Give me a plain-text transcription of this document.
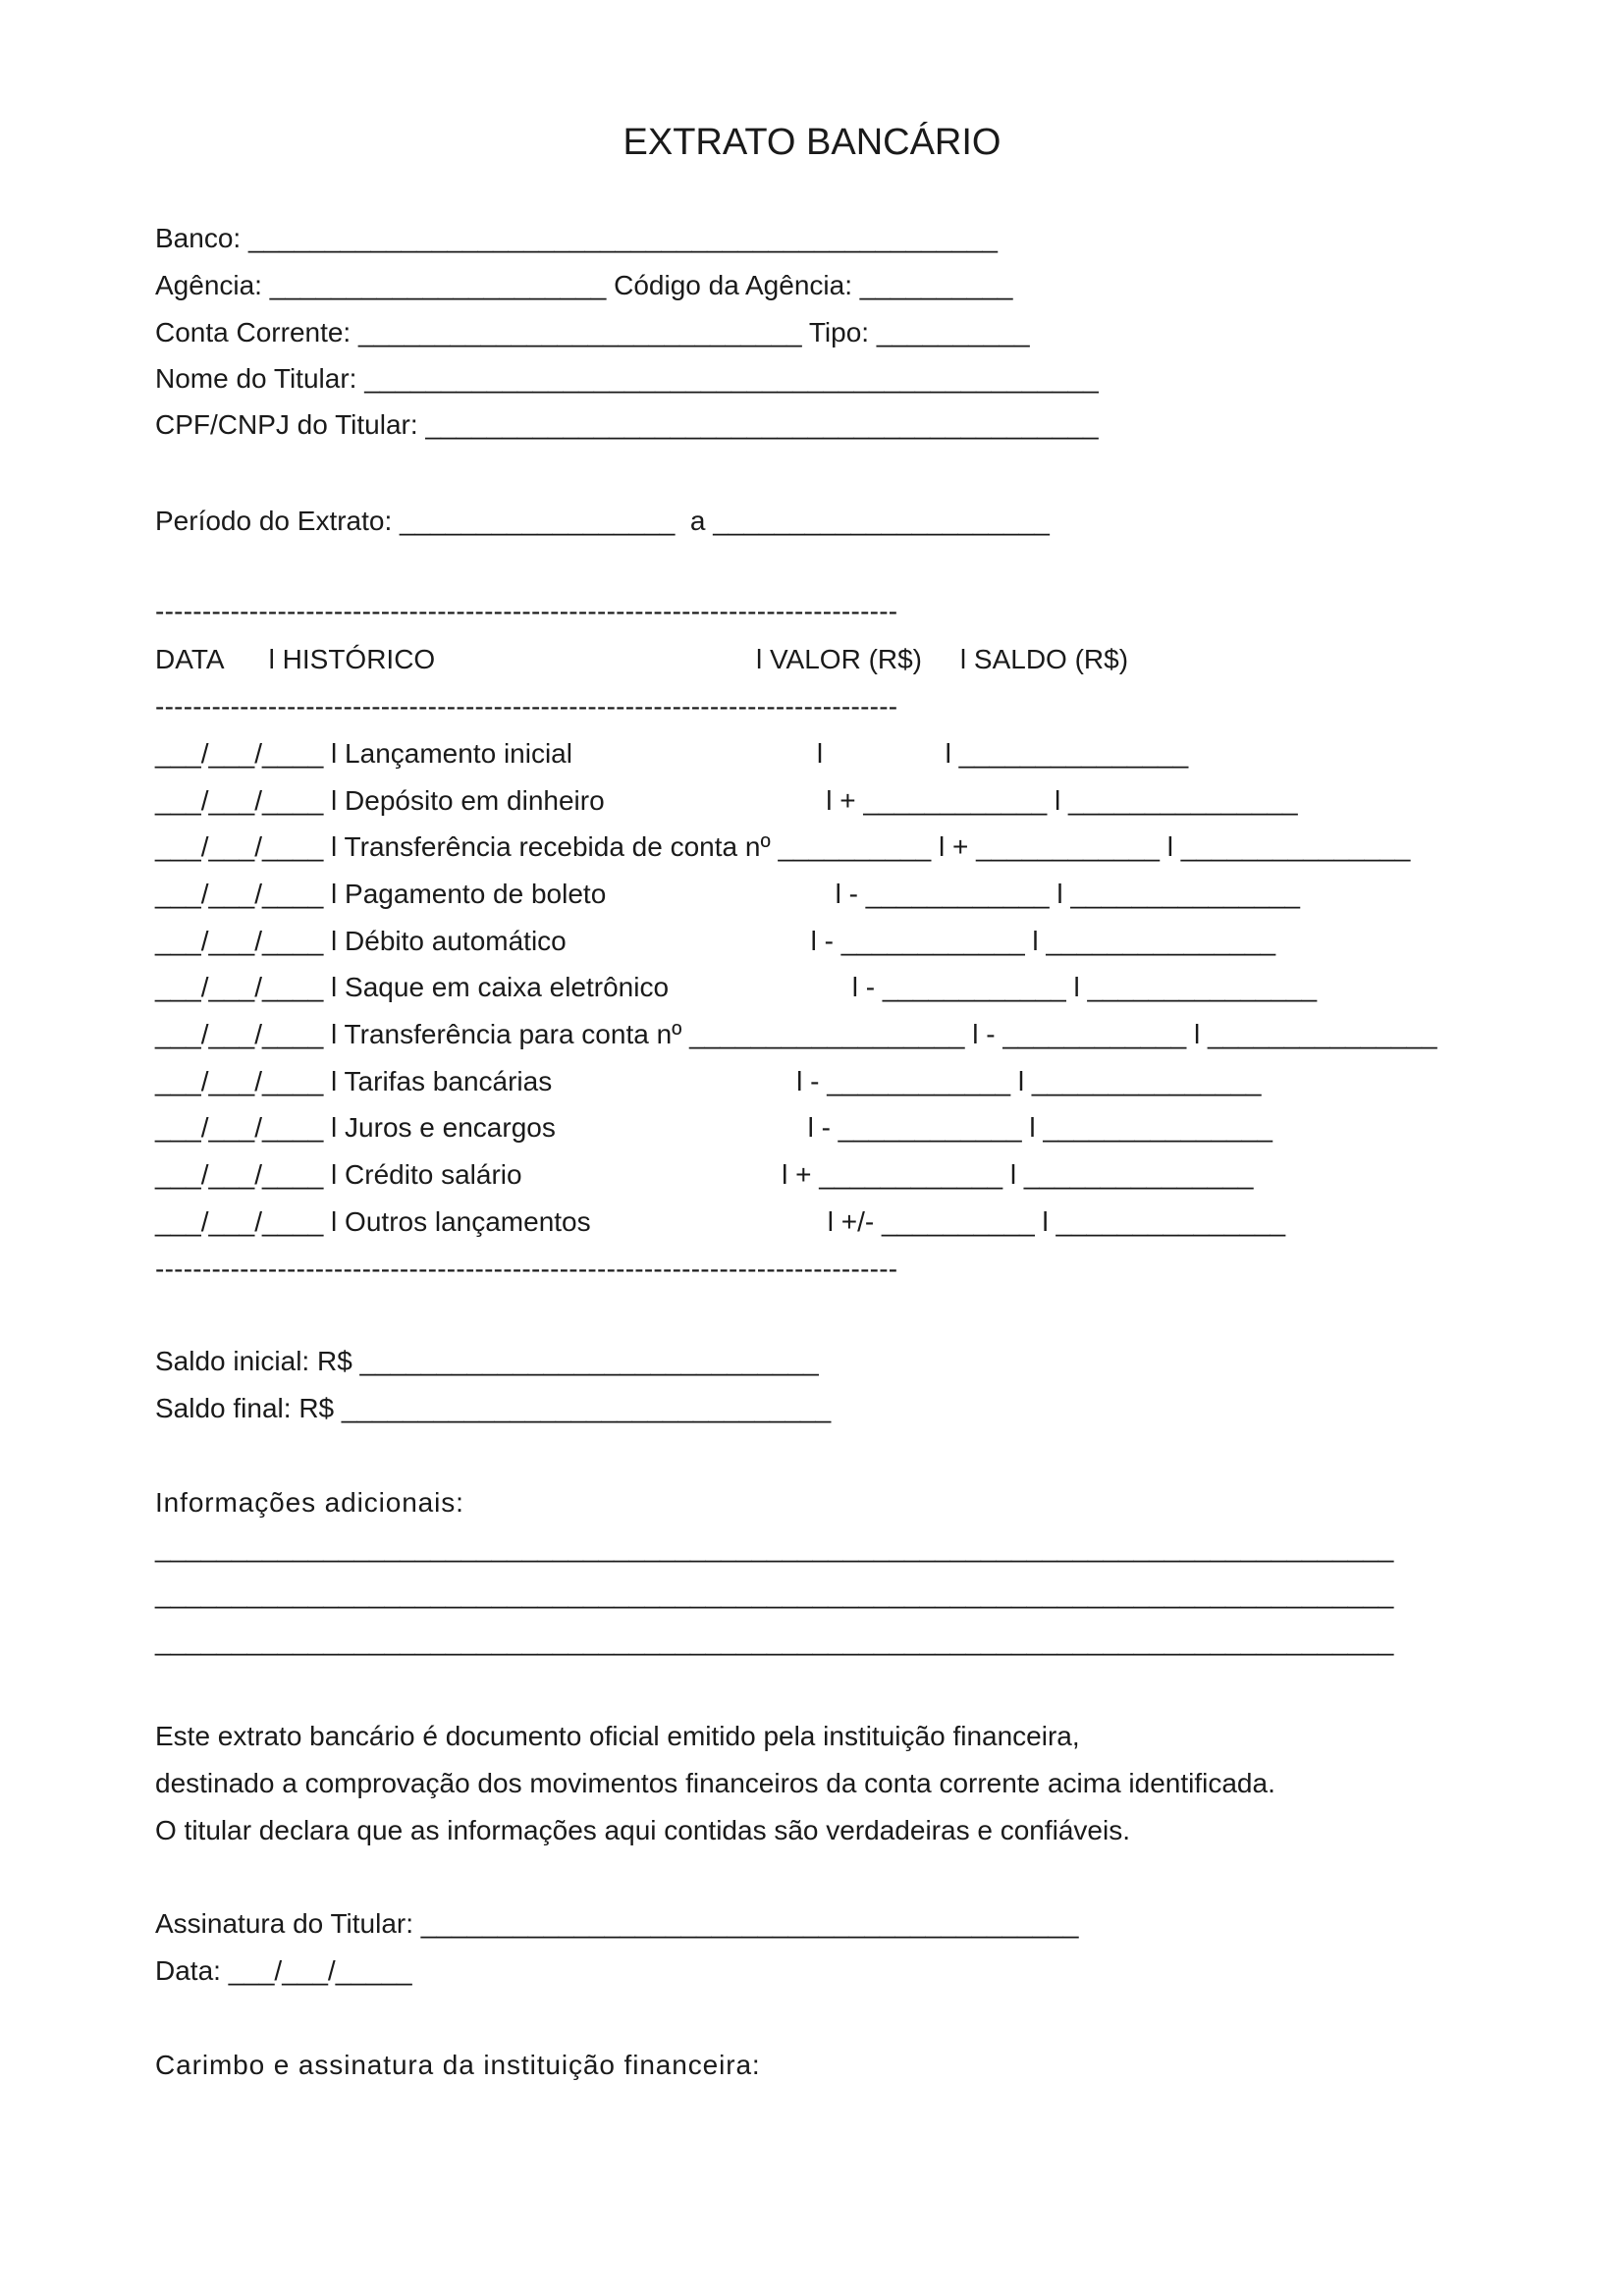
EXTRATO BANCÁRIO
Banco: _________________________________________________
Agência: ______________________ Código da Agência: __________
Conta Corrente: _____________________________ Tipo: __________
Nome do Titular: ________________________________________________
CPF/CNPJ do Titular: ____________________________________________
Período do Extrato: __________________  a ______________________
-------------------------------------------------------------------------------
DATA      l HISTÓRICO                                          l VALOR (R$)     l SALDO (R$)
-------------------------------------------------------------------------------
___/___/____ l Lançamento inicial                                l                l _______________
___/___/____ l Depósito em dinheiro                             l + ____________ l _______________
___/___/____ l Transferência recebida de conta nº __________ l + ____________ l _______________
___/___/____ l Pagamento de boleto                              l - ____________ l _______________
___/___/____ l Débito automático                                l - ____________ l _______________
___/___/____ l Saque em caixa eletrônico                        l - ____________ l _______________
___/___/____ l Transferência para conta nº __________________ l - ____________ l _______________
___/___/____ l Tarifas bancárias                                l - ____________ l _______________
___/___/____ l Juros e encargos                                 l - ____________ l _______________
___/___/____ l Crédito salário                                  l + ____________ l _______________
___/___/____ l Outros lançamentos                               l +/- __________ l _______________
-------------------------------------------------------------------------------
Saldo inicial: R$ ______________________________
Saldo final: R$ ________________________________
Informações adicionais:
_________________________________________________________________________________
_________________________________________________________________________________
_________________________________________________________________________________
Este extrato bancário é documento oficial emitido pela instituição financeira,
destinado a comprovação dos movimentos financeiros da conta corrente acima identificada.
O titular declara que as informações aqui contidas são verdadeiras e confiáveis.
Assinatura do Titular: ___________________________________________
Data: ___/___/_____
Carimbo e assinatura da instituição financeira:
